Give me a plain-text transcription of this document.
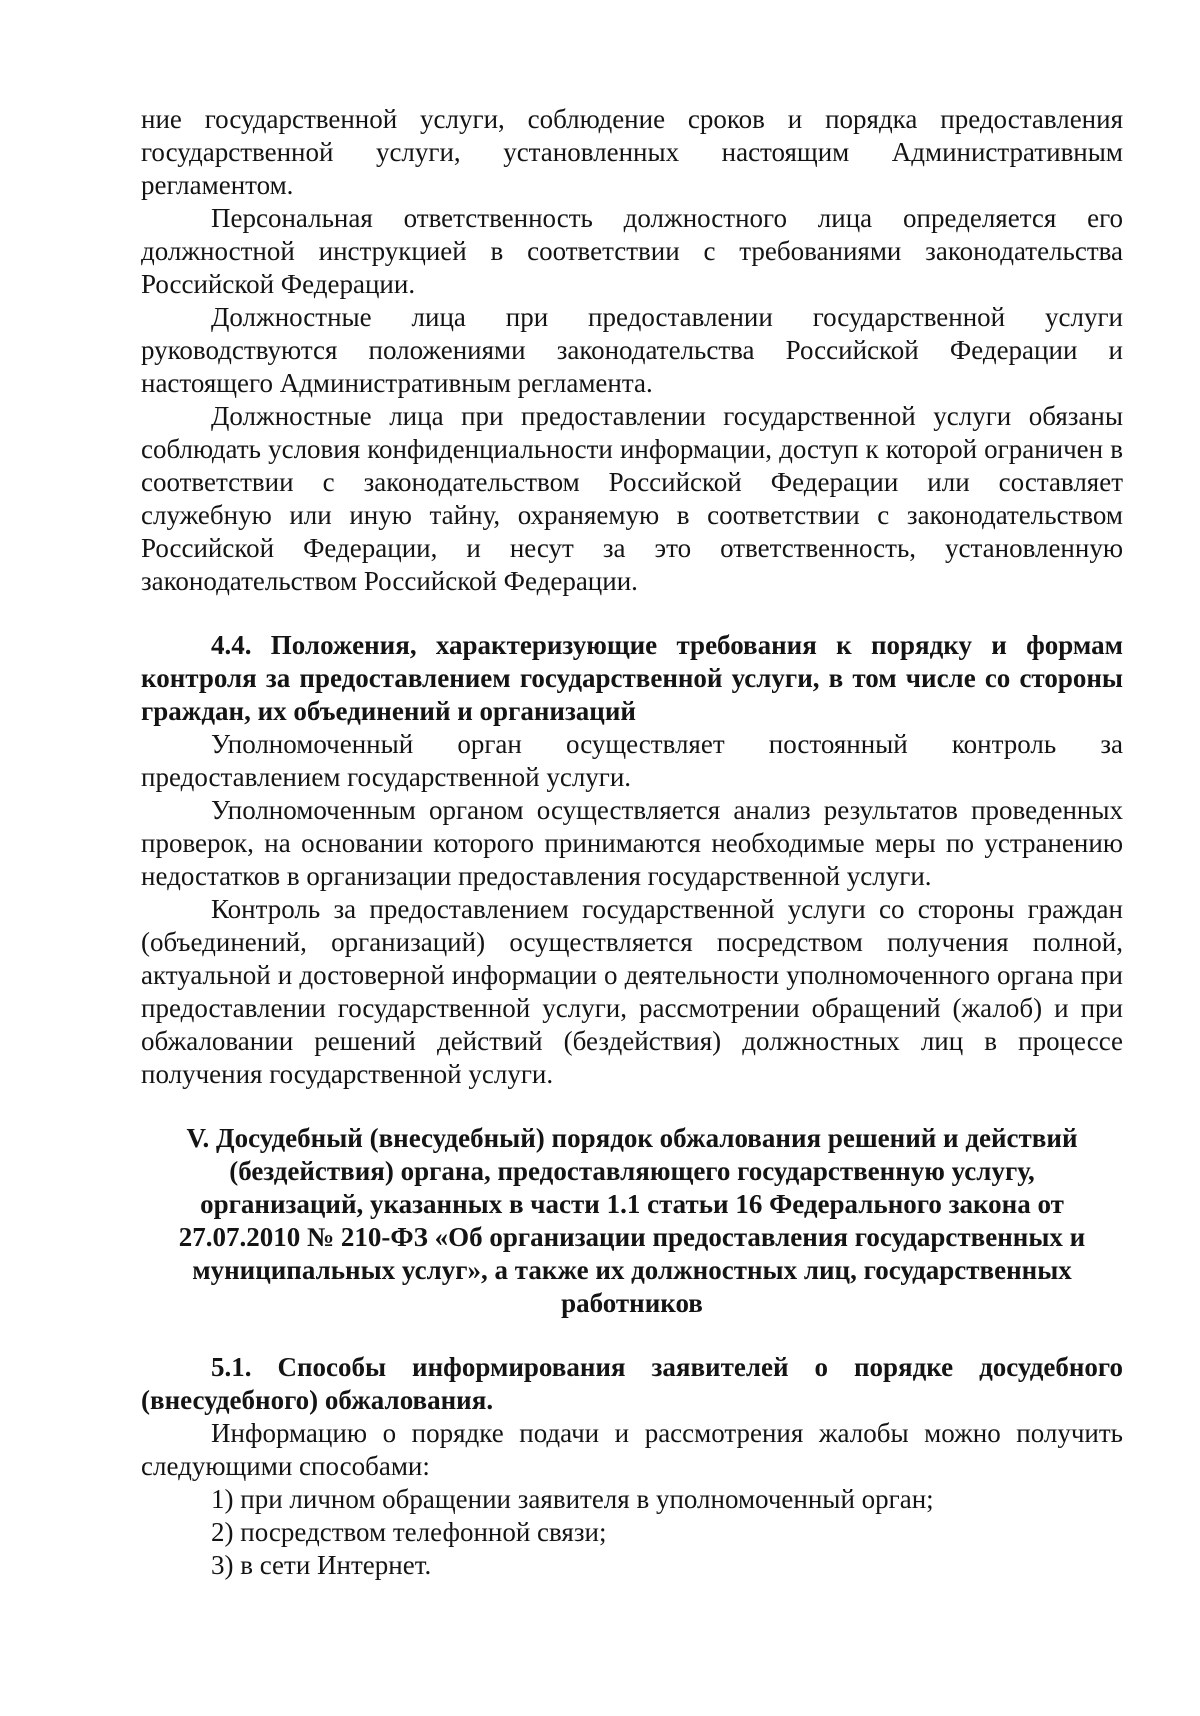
ние государственной услуги, соблюдение сроков и порядка предоставления государственной услуги, установленных настоящим Административным регламентом.

Персональная ответственность должностного лица определяется его должностной инструкцией в соответствии с требованиями законодательства Российской Федерации.

Должностные лица при предоставлении государственной услуги руководствуются положениями законодательства Российской Федерации и настоящего Административным регламента.

Должностные лица при предоставлении государственной услуги обязаны соблюдать условия конфиденциальности информации, доступ к которой ограничен в соответствии с законодательством Российской Федерации или составляет служебную или иную тайну, охраняемую в соответствии с законодательством Российской Федерации, и несут за это ответственность, установленную законодательством Российской Федерации.

4.4. Положения, характеризующие требования к порядку и формам контроля за предоставлением государственной услуги, в том числе со стороны граждан, их объединений и организаций

Уполномоченный орган осуществляет постоянный контроль за предоставлением государственной услуги.

Уполномоченным органом осуществляется анализ результатов проведенных проверок, на основании которого принимаются необходимые меры по устранению недостатков в организации предоставления государственной услуги.

Контроль за предоставлением государственной услуги со стороны граждан (объединений, организаций) осуществляется посредством получения полной, актуальной и достоверной информации о деятельности уполномоченного органа при предоставлении государственной услуги, рассмотрении обращений (жалоб) и при обжаловании решений действий (бездействия) должностных лиц в процессе получения государственной услуги.

V. Досудебный (внесудебный) порядок обжалования решений и действий (бездействия) органа, предоставляющего государственную услугу, организаций, указанных в части 1.1 статьи 16 Федерального закона от 27.07.2010 № 210-ФЗ «Об организации предоставления государственных и муниципальных услуг», а также их должностных лиц, государственных работников

5.1. Способы информирования заявителей о порядке досудебного (внесудебного) обжалования.

Информацию о порядке подачи и рассмотрения жалобы можно получить следующими способами:

1) при личном обращении заявителя в уполномоченный орган;

2) посредством телефонной связи;

3) в сети Интернет.
